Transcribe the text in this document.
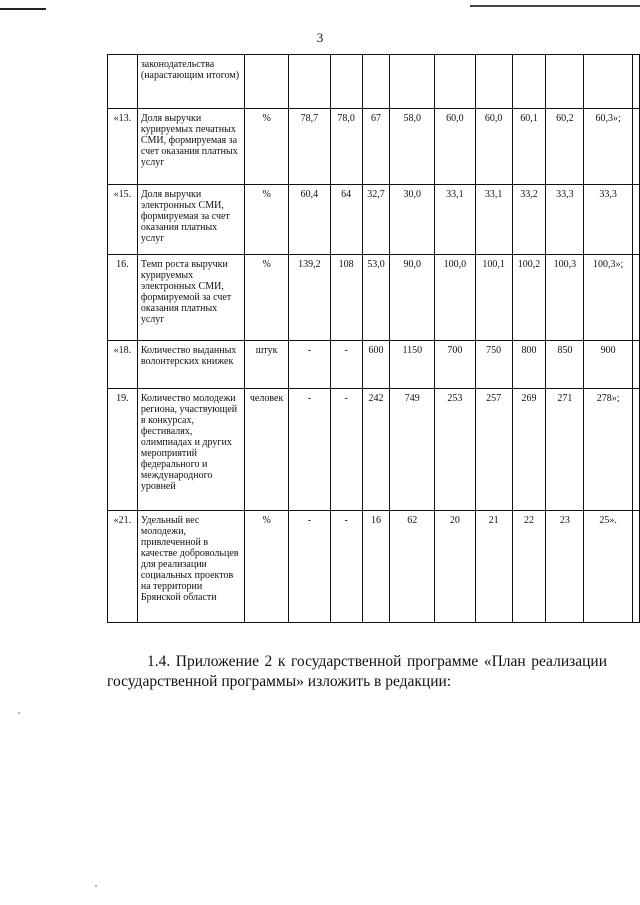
3
	законодательства (нарастающим итогом)											
«13.	Доля выручки курируемых печатных СМИ, формируемая за счет оказания платных услуг	%	78,7	78,0	67	58,0	60,0	60,0	60,1	60,2	60,3»;	
«15.	Доля выручки электронных СМИ, формируемая за счет оказания платных услуг	%	60,4	64	32,7	30,0	33,1	33,1	33,2	33,3	33,3	
16.	Темп роста выручки курируемых электронных СМИ, формируемой за счет оказания платных услуг	%	139,2	108	53,0	90,0	100,0	100,1	100,2	100,3	100,3»;	
«18.	Количество выданных волонтерских книжек	штук	-	-	600	1150	700	750	800	850	900	
19.	Количество молодежи региона, участвующей в конкурсах, фестивалях, олимпиадах и других мероприятий федерального и международного уровней	человек	-	-	242	749	253	257	269	271	278»;	
«21.	Удельный вес молодежи, привлеченной в качестве добровольцев для реализации социальных проектов на территории Брянской области	%	-	-	16	62	20	21	22	23	25».	
1.4. Приложение 2 к государственной программе «План реализации государственной программы» изложить в редакции:
